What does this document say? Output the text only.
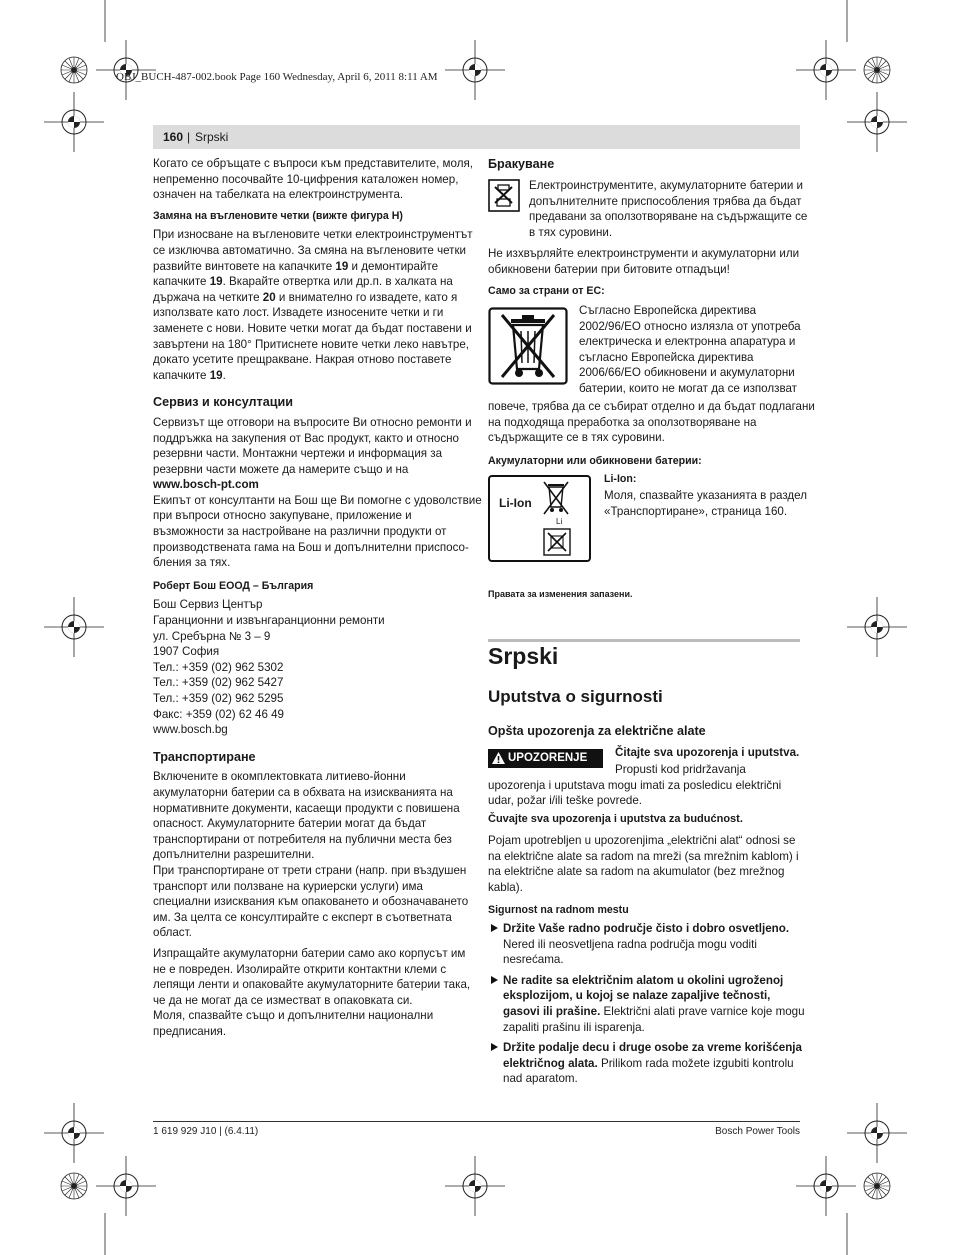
OBJ_BUCH-487-002.book Page 160 Wednesday, April 6, 2011 8:11 AM
160 | Srpski
Когато се обръщате с въпроси към представителите, моля,
непременно посочвайте 10-цифрения каталожен номер,
означен на табелката на електроинструмента.
Замяна на въгленовите четки (вижте фигура H)
При износване на въгленовите четки електроинструментът
се изключва автоматично. За смяна на въгленовите четки
развийте винтовете на капачките 19 и демонтирайте
капачките 19. Вкарайте отвертка или др.п. в халката на
държача на четките 20 и внимателно го извадете, като я
използвате като лост. Извадете износените четки и ги
заменете с нови. Новите четки могат да бъдат поставени и
завъртени на 180° Притиснете новите четки леко навътре,
докато усетите прещракване. Накрая отново поставете
капачките 19.
Сервиз и консултации
Сервизът ще отговори на въпросите Ви относно ремонти и
поддръжка на закупения от Вас продукт, както и относно
резервни части. Монтажни чертежи и информация за
резервни части можете да намерите също и на
www.bosch-pt.com
Екипът от консултанти на Бош ще Ви помогне с удоволствие
при въпроси относно закупуване, приложение и
възможности за настройване на различни продукти от
производствената гама на Бош и допълнителни приспосо-
бления за тях.
Роберт Бош ЕООД – България
Бош Сервиз Център
Гаранционни и извънгаранционни ремонти
ул. Сребърна № 3 – 9
1907 София
Тел.: +359 (02) 962 5302
Тел.: +359 (02) 962 5427
Тел.: +359 (02) 962 5295
Факс: +359 (02) 62 46 49
www.bosch.bg
Транспортиране
Включените в окомплектовката литиево-йонни
акумулаторни батерии са в обхвата на изискванията на
нормативните документи, касаещи продукти с повишена
опасност. Акумулаторните батерии могат да бъдат
транспортирани от потребителя на публични места без
допълнителни разрешителни.
При транспортиране от трети страни (напр. при въздушен
транспорт или ползване на куриерски услуги) има
специални изисквания към опаковането и обозначаването
им. За целта се консултирайте с експерт в съответната
област.
Изпращайте акумулаторни батерии само ако корпусът им
не е повреден. Изолирайте открити контактни клеми с
лепящи ленти и опаковайте акумулаторните батерии така,
че да не могат да се изместват в опаковката си.
Моля, спазвайте също и допълнителни национални
предписания.
Бракуване
Електроинструментите, акумулаторните батерии и
допълнителните приспособления трябва да бъдат
предавани за оползотворяване на съдържащите се
в тях суровини.
Не изхвърляйте електроинструменти и акумулаторни или
обикновени батерии при битовите отпадъци!
Само за страни от ЕС:
Съгласно Европейска директива
2002/96/ЕО относно излязла от употреба
електрическа и електронна апаратура и
съгласно Европейска директива
2006/66/ЕО обикновени и акумулаторни
батерии, които не могат да се използват
повече, трябва да се събират отделно и да бъдат подлагани
на подходяща преработка за оползотворяване на
съдържащите се в тях суровини.
Акумулаторни или обикновени батерии:
Li-Ion
Li
Li-Ion:
Моля, спазвайте указанията в раздел
«Транспортиране», страница 160.
Правата за изменения запазени.
Srpski
Uputstva o sigurnosti
Opšta upozorenja za električne alate
UPOZORENJE Čitajte sva upozorenja i uputstva.
Propusti kod pridržavanja
upozorenja i uputstava mogu imati za posledicu električni
udar, požar i/ili teške povrede.
Čuvajte sva upozorenja i uputstva za budućnost.
Pojam upotrebljen u upozorenjima „električni alat“ odnosi se
na električne alate sa radom na mreži (sa mrežnim kablom) i
na električne alate sa radom na akumulator (bez mrežnog
kabla).
Sigurnost na radnom mestu
Držite Vaše radno područje čisto i dobro osvetljeno.
Nered ili neosvetljena radna područja mogu voditi
nesrećama.
Ne radite sa električnim alatom u okolini ugroženoj
eksplozijom, u kojoj se nalaze zapaljive tečnosti,
gasovi ili prašine. Električni alati prave varnice koje mogu
zapaliti prašinu ili isparenja.
Držite podalje decu i druge osobe za vreme korišćenja
električnog alata. Prilikom rada možete izgubiti kontrolu
nad aparatom.
1 619 929 J10 | (6.4.11)	Bosch Power Tools
